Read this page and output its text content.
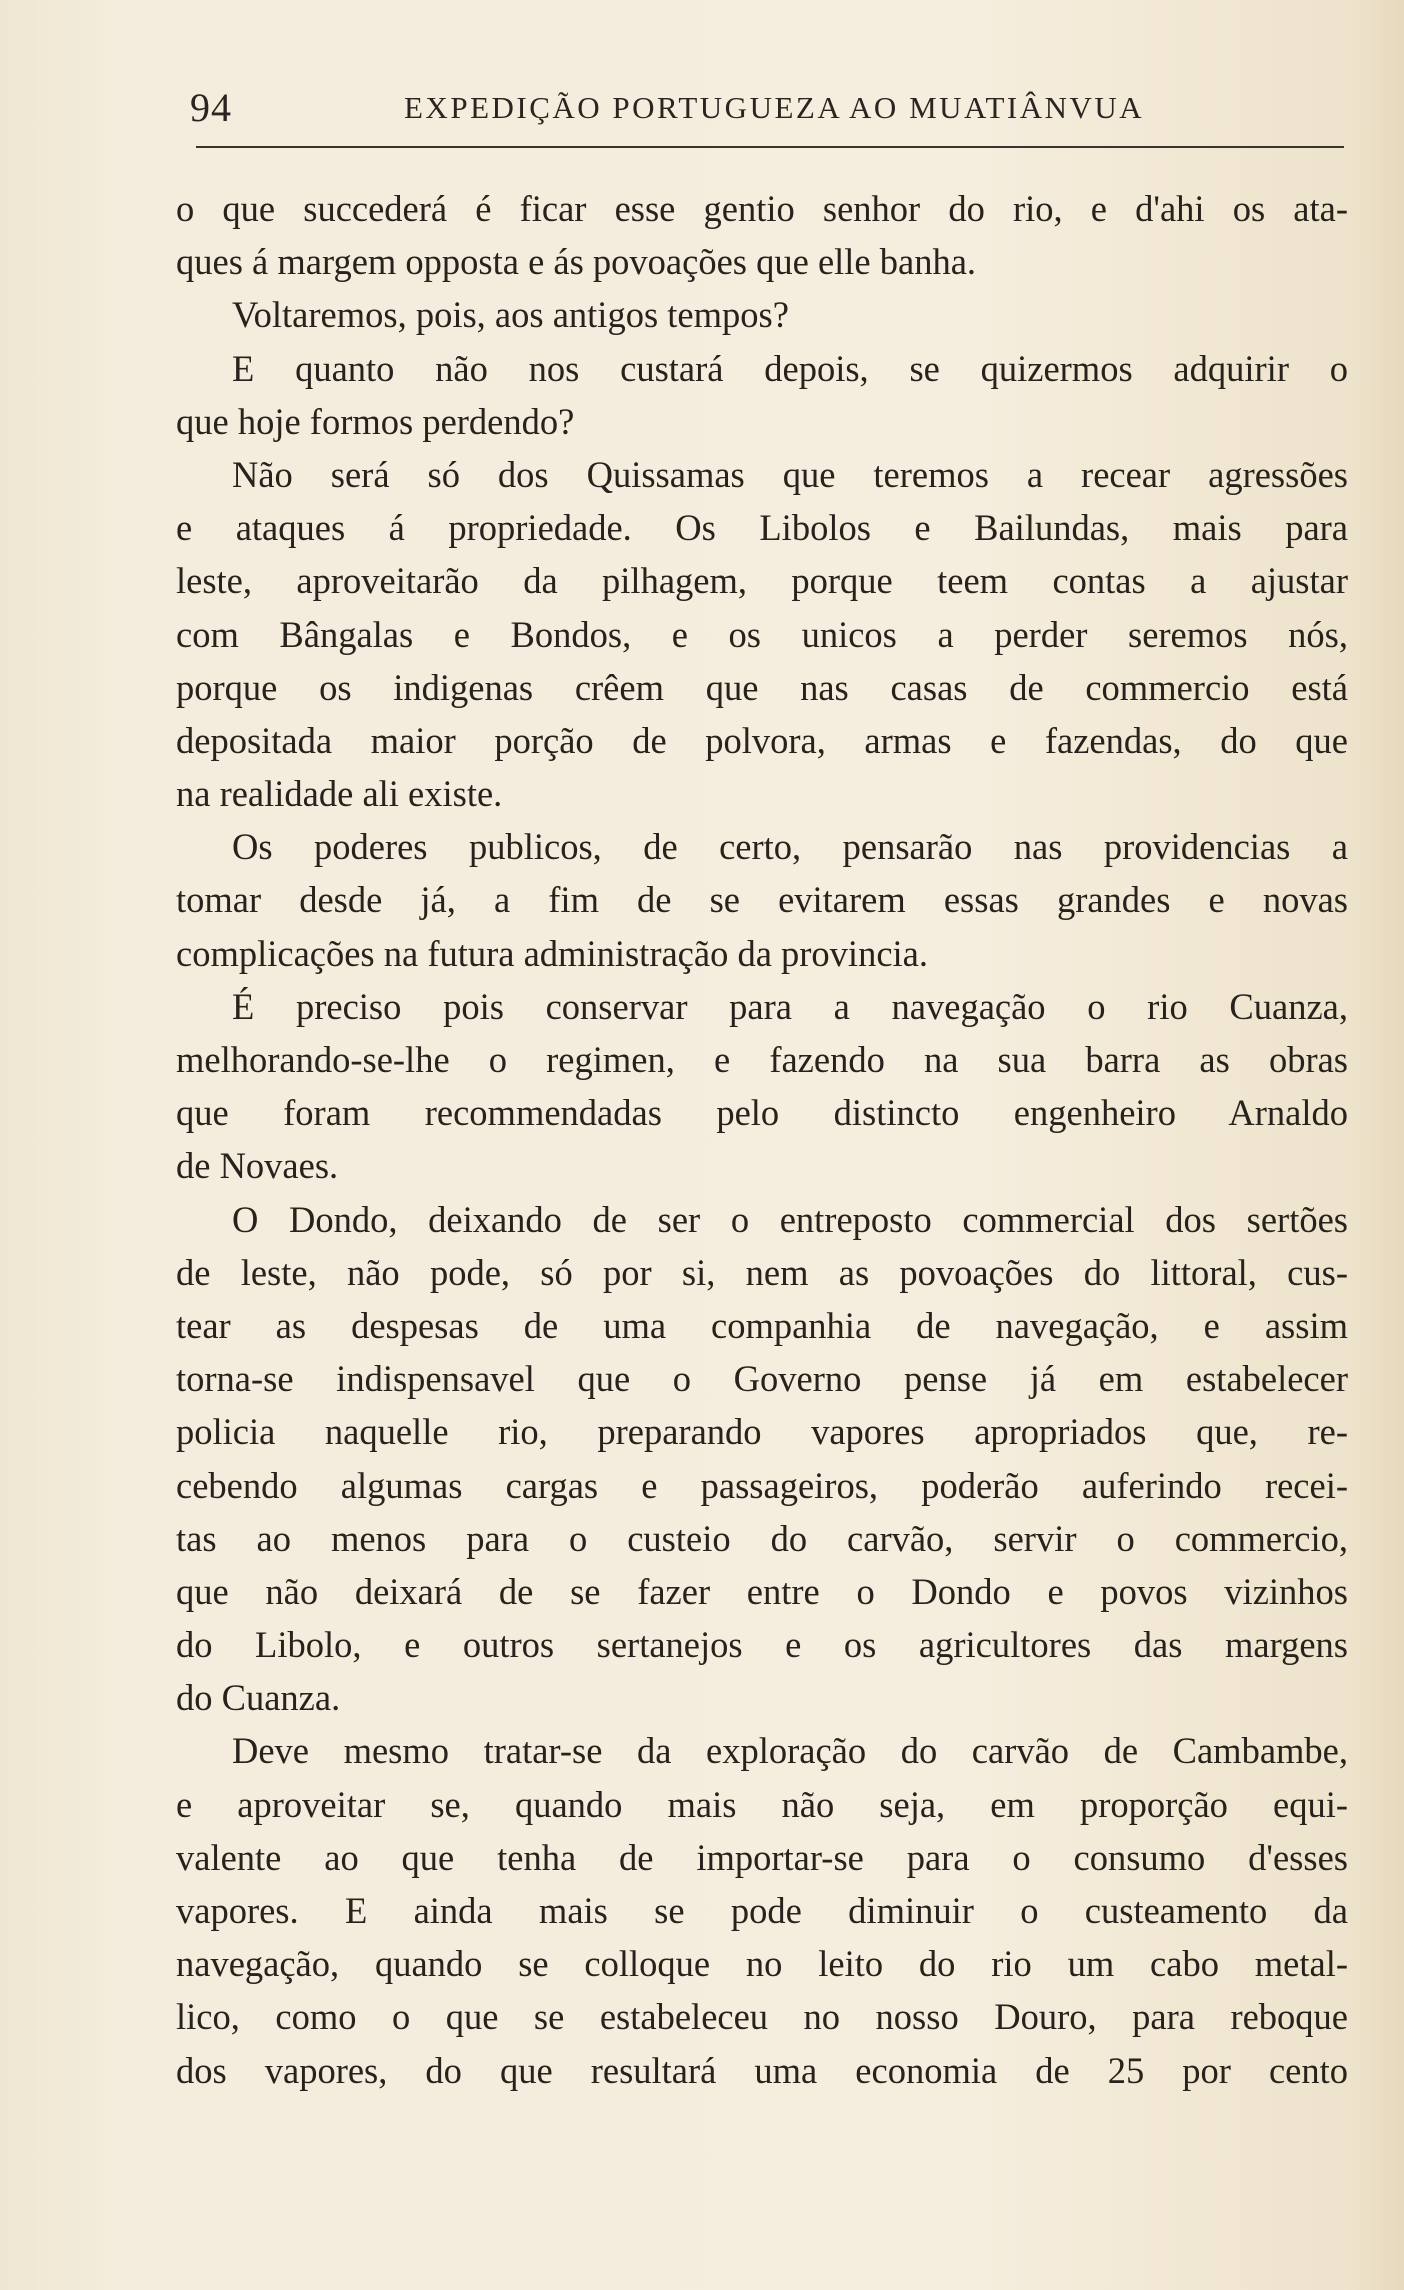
94	EXPEDIÇÃO PORTUGUEZA AO MUATIÂNVUA
o que succederá é ficar esse gentio senhor do rio, e d'ahi os ata-
ques á margem opposta e ás povoações que elle banha.
Voltaremos, pois, aos antigos tempos?
E quanto não nos custará depois, se quizermos adquirir o
que hoje formos perdendo?
Não será só dos Quissamas que teremos a recear agressões
e ataques á propriedade. Os Libolos e Bailundas, mais para
leste, aproveitarão da pilhagem, porque teem contas a ajustar
com Bângalas e Bondos, e os unicos a perder seremos nós,
porque os indigenas crêem que nas casas de commercio está
depositada maior porção de polvora, armas e fazendas, do que
na realidade ali existe.
Os poderes publicos, de certo, pensarão nas providencias a
tomar desde já, a fim de se evitarem essas grandes e novas
complicações na futura administração da provincia.
É preciso pois conservar para a navegação o rio Cuanza,
melhorando-se-lhe o regimen, e fazendo na sua barra as obras
que foram recommendadas pelo distincto engenheiro Arnaldo
de Novaes.
O Dondo, deixando de ser o entreposto commercial dos sertões
de leste, não pode, só por si, nem as povoações do littoral, cus-
tear as despesas de uma companhia de navegação, e assim
torna-se indispensavel que o Governo pense já em estabelecer
policia naquelle rio, preparando vapores apropriados que, re-
cebendo algumas cargas e passageiros, poderão auferindo recei-
tas ao menos para o custeio do carvão, servir o commercio,
que não deixará de se fazer entre o Dondo e povos vizinhos
do Libolo, e outros sertanejos e os agricultores das margens
do Cuanza.
Deve mesmo tratar-se da exploração do carvão de Cambambe,
e aproveitar se, quando mais não seja, em proporção equi-
valente ao que tenha de importar-se para o consumo d'esses
vapores. E ainda mais se pode diminuir o custeamento da
navegação, quando se colloque no leito do rio um cabo metal-
lico, como o que se estabeleceu no nosso Douro, para reboque
dos vapores, do que resultará uma economia de 25 por cento
